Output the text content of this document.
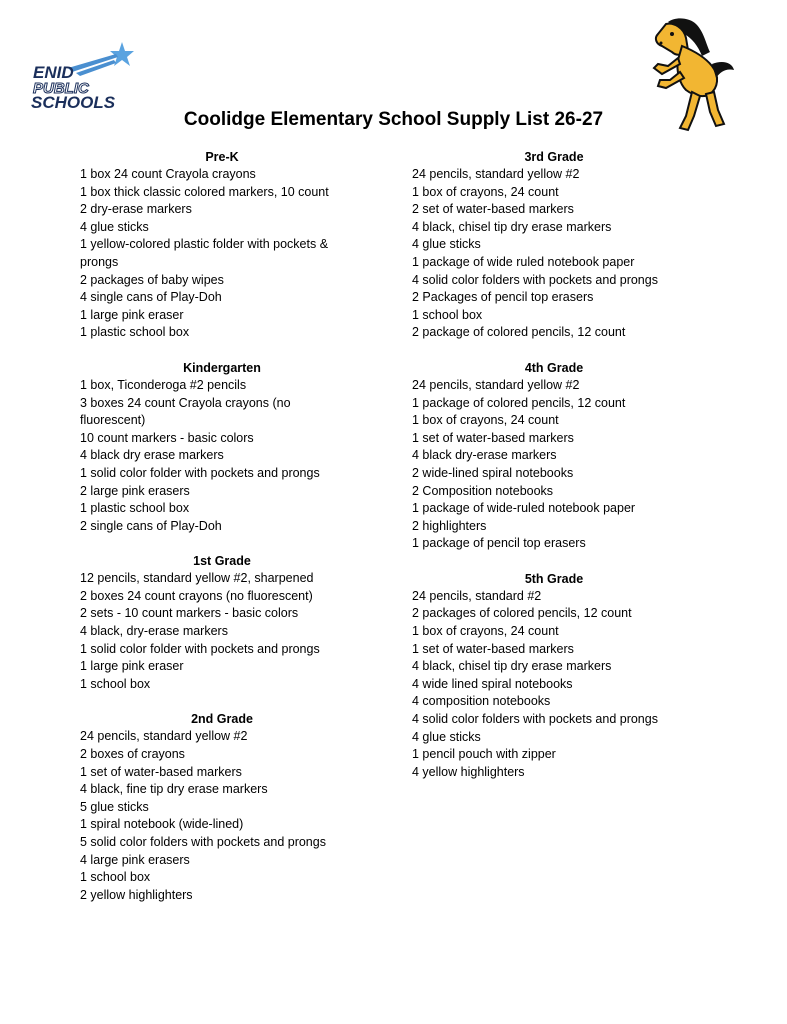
ENID
PUBLIC
SCHOOLS
Coolidge Elementary School Supply List 26-27
Pre-K
1 box 24 count Crayola crayons
1 box thick classic colored markers, 10 count
2 dry-erase markers
4 glue sticks
1 yellow-colored plastic folder with pockets & prongs
2 packages of baby wipes
4 single cans of Play-Doh
1 large pink eraser
1 plastic school box
Kindergarten
1 box, Ticonderoga #2 pencils
3 boxes 24 count Crayola crayons (no fluorescent)
10 count markers - basic colors
4 black dry erase markers
1 solid color folder with pockets and prongs
2 large pink erasers
1 plastic school box
2 single cans of Play-Doh
1st Grade
12 pencils, standard yellow #2, sharpened
2 boxes 24 count crayons (no fluorescent)
2 sets - 10 count markers - basic colors
4 black, dry-erase markers
1 solid color folder with pockets and prongs
1 large pink eraser
1 school box
2nd Grade
24 pencils, standard yellow #2
2 boxes of crayons
1 set of water-based markers
4 black, fine tip dry erase markers
5 glue sticks
1 spiral notebook (wide-lined)
5 solid color folders with pockets and prongs
4 large pink erasers
1 school box
2 yellow highlighters
3rd Grade
24 pencils, standard yellow #2
1 box of crayons, 24 count
2 set of water-based markers
4 black, chisel tip dry erase markers
4 glue sticks
1 package of wide ruled notebook paper
4 solid color folders with pockets and prongs
2 Packages of pencil top erasers
1 school box
2 package of colored pencils, 12 count
4th Grade
24 pencils, standard yellow #2
1 package of colored pencils, 12 count
1 box of crayons, 24 count
1 set of water-based markers
4 black dry-erase markers
2 wide-lined spiral notebooks
2 Composition notebooks
1 package of wide-ruled notebook paper
2 highlighters
1 package of pencil top erasers
5th Grade
24 pencils, standard #2
2 packages of colored pencils, 12 count
1 box of crayons, 24 count
1 set of water-based markers
4 black, chisel tip dry erase markers
4 wide lined spiral notebooks
4 composition notebooks
4 solid color folders with pockets and prongs
4 glue sticks
1 pencil pouch with zipper
4 yellow highlighters
